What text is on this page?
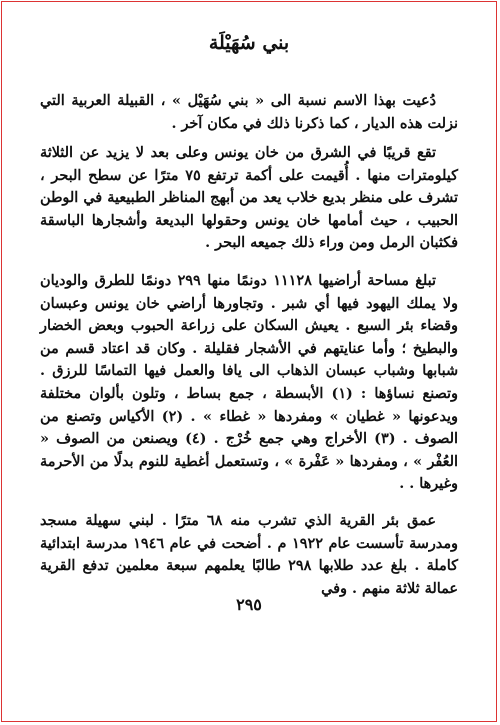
بني سُهَيْلَة

دُعيت بهذا الاسم نسبة الى « بني سُهَيْل » ، القبيلة العربية التي نزلت هذه الديار ، كما ذكرنا ذلك في مكان آخر .

تقع قريبًا في الشرق من خان يونس وعلى بعد لا يزيد عن الثلاثة كيلومترات منها . أُقيمت على أكمة ترتفع ٧٥ مترًا عن سطح البحر ، تشرف على منظر بديع خلاب يعد من أبهج المناظر الطبيعية في الوطن الحبيب ، حيث أمامها خان يونس وحقولها البديعة وأشجارها الباسقة فكثبان الرمل ومن وراء ذلك جميعه البحر .

تبلغ مساحة أراضيها ١١١٢٨ دونمًا منها ٢٩٩ دونمًا للطرق والوديان ولا يملك اليهود فيها أي شبر . وتجاورها أراضي خان يونس وعبسان وقضاء بئر السبع . يعيش السكان على زراعة الحبوب وبعض الخضار والبطيخ ؛ وأما عنايتهم في الأشجار فقليلة . وكان قد اعتاد قسم من شبابها وشباب عبسان الذهاب الى يافا والعمل فيها التماسًا للرزق . وتصنع نساؤها : (١) الأبسطة ، جمع بساط ، وتلون بألوان مختلفة ويدعونها « غطيان » ومفردها « غطاء » . (٢) الأكياس وتصنع من الصوف . (٣) الأخراج وهي جمع خُرْج . (٤) ويصنعن من الصوف « العُفْر » ، ومفردها « عَفْرة » ، وتستعمل أغطية للنوم بدلًا من الأحرمة وغيرها . .

عمق بئر القرية الذي تشرب منه ٦٨ مترًا . لبني سهيلة مسجد ومدرسة تأسست عام ١٩٢٢ م . أضحت في عام ١٩٤٦ مدرسة ابتدائية كاملة . بلغ عدد طلابها ٢٩٨ طالبًا يعلمهم سبعة معلمين تدفع القرية عمالة ثلاثة منهم . وفي

٢٩٥
